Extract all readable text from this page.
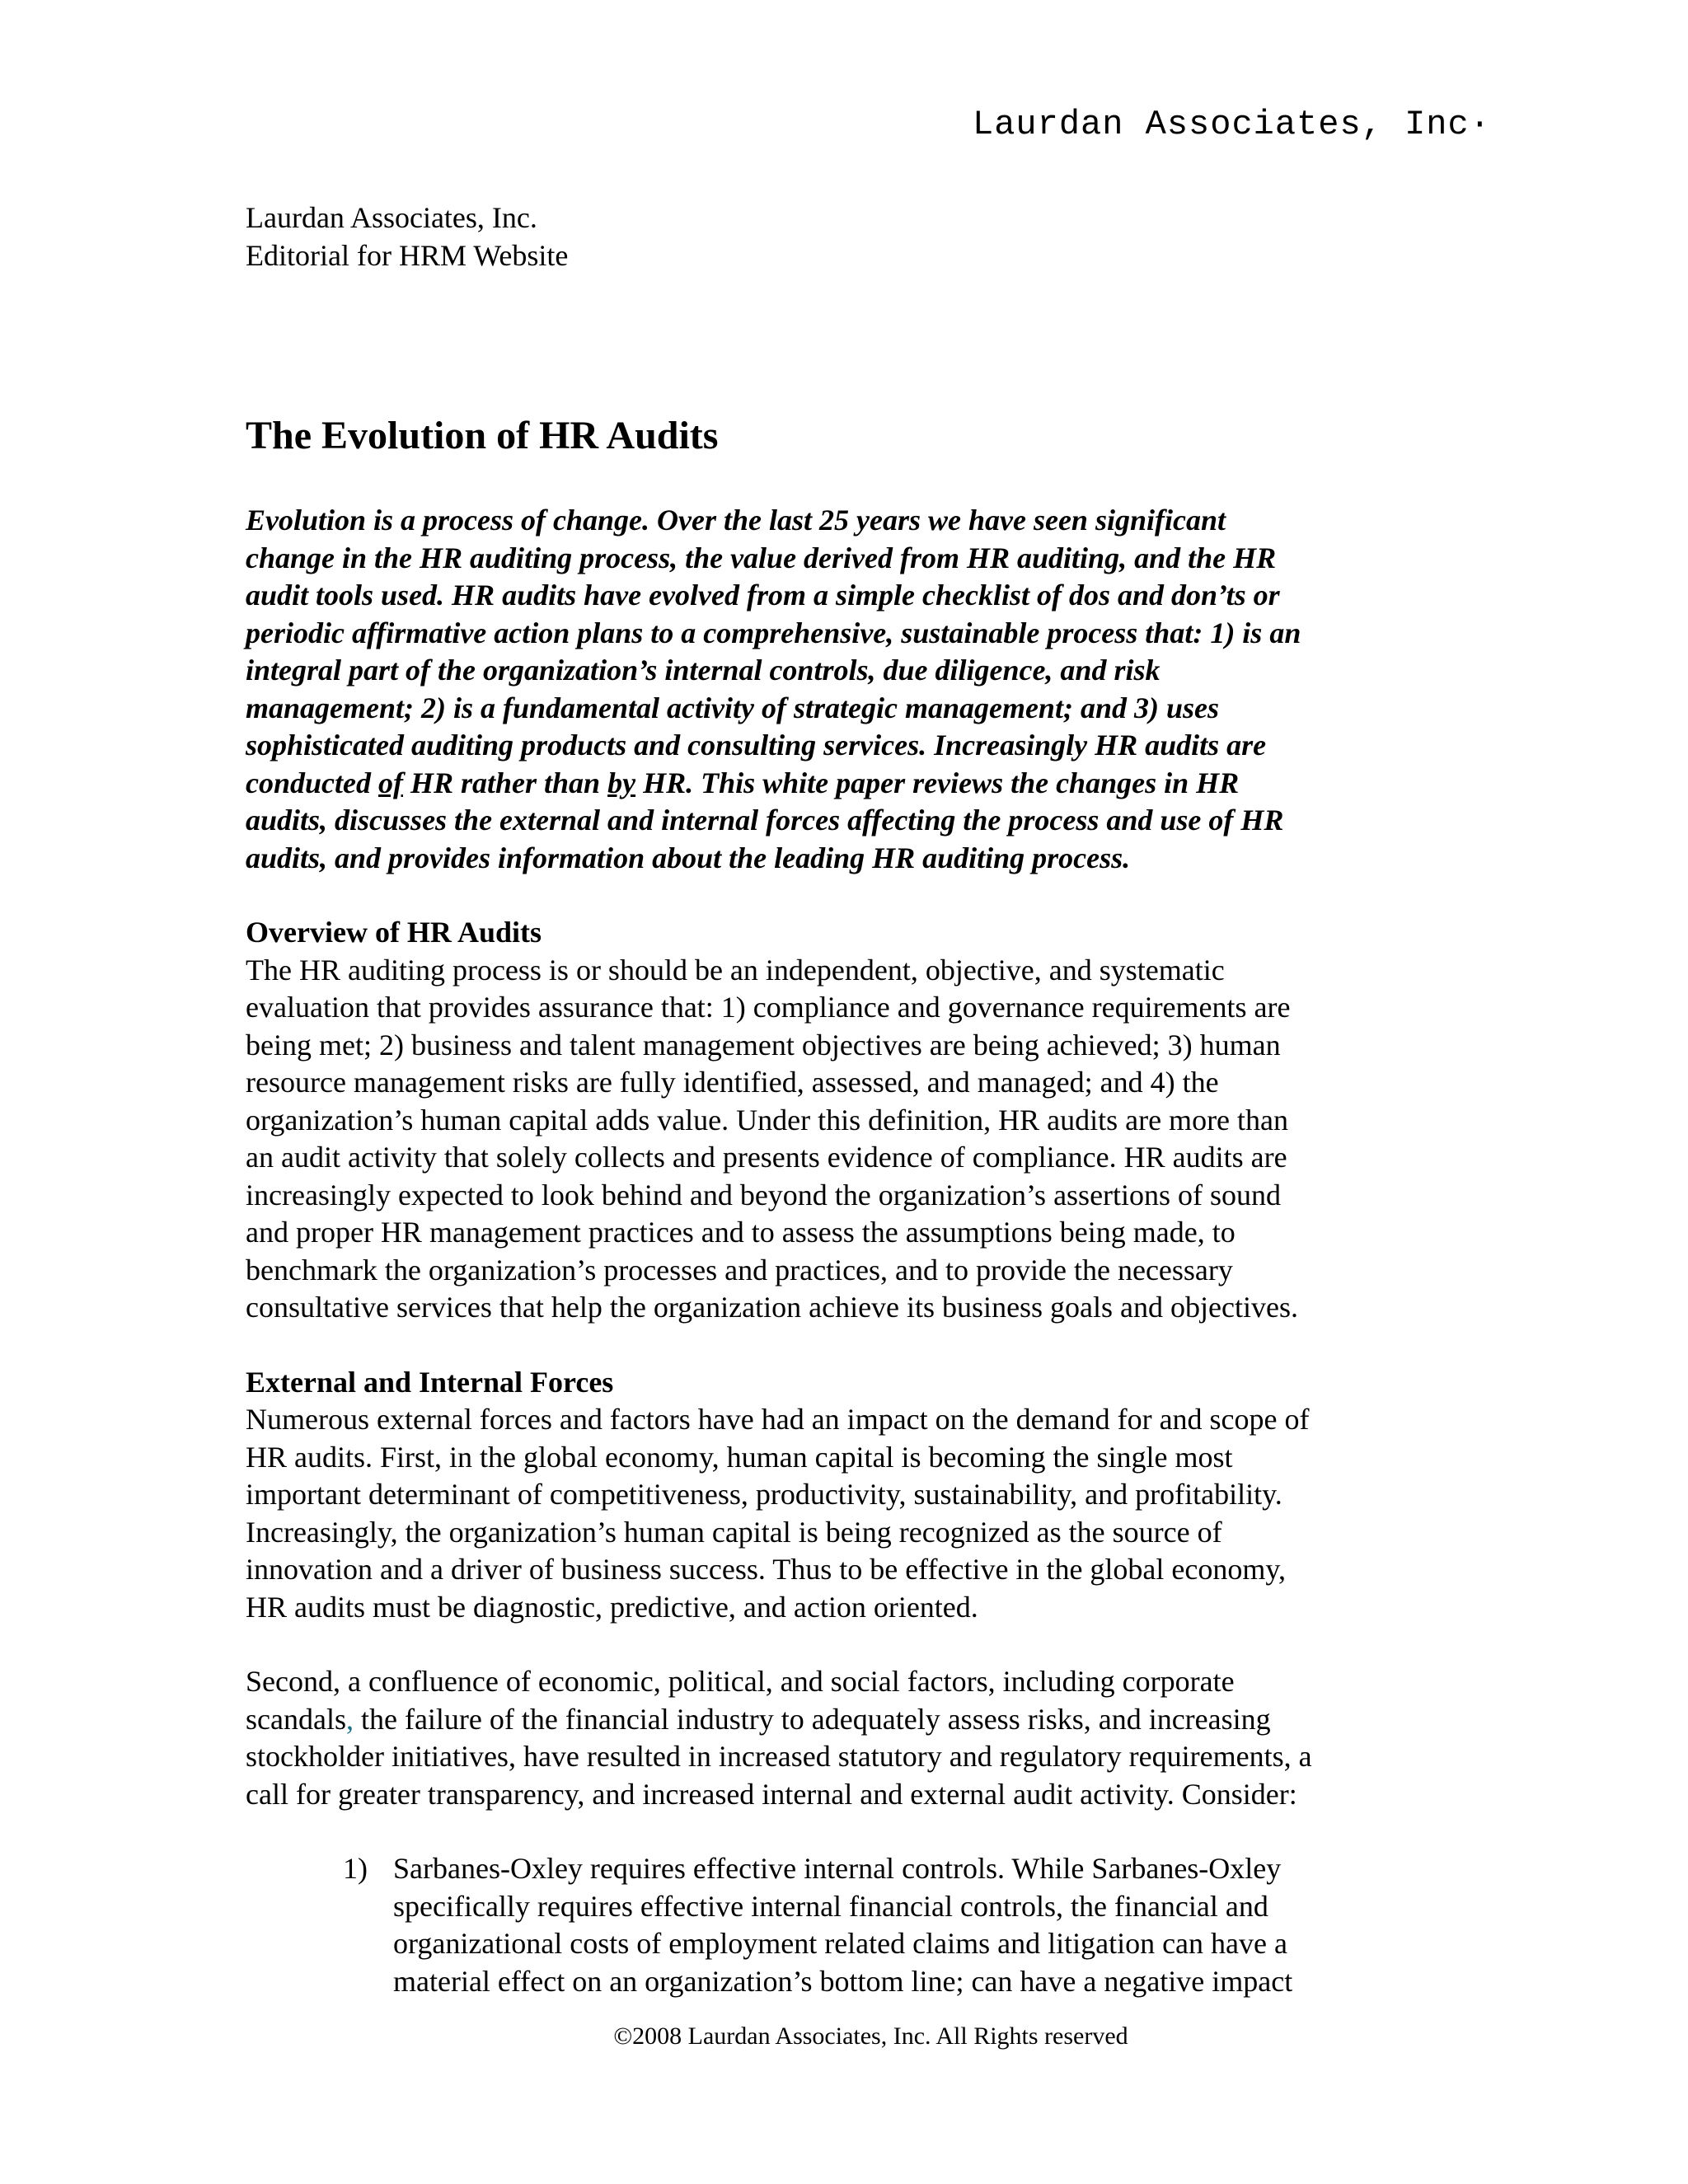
Laurdan Associates, Inc·
Laurdan Associates, Inc.
Editorial for HRM Website
The Evolution of HR Audits
Evolution is a process of change. Over the last 25 years we have seen significant
change in the HR auditing process, the value derived from HR auditing, and the HR
audit tools used. HR audits have evolved from a simple checklist of dos and don’ts or
periodic affirmative action plans to a comprehensive, sustainable process that: 1) is an
integral part of the organization’s internal controls, due diligence, and risk
management; 2) is a fundamental activity of strategic management; and 3) uses
sophisticated auditing products and consulting services. Increasingly HR audits are
conducted of HR rather than by HR. This white paper reviews the changes in HR
audits, discusses the external and internal forces affecting the process and use of HR
audits, and provides information about the leading HR auditing process.
Overview of HR Audits
The HR auditing process is or should be an independent, objective, and systematic
evaluation that provides assurance that: 1) compliance and governance requirements are
being met; 2) business and talent management objectives are being achieved; 3) human
resource management risks are fully identified, assessed, and managed; and 4) the
organization’s human capital adds value. Under this definition, HR audits are more than
an audit activity that solely collects and presents evidence of compliance. HR audits are
increasingly expected to look behind and beyond the organization’s assertions of sound
and proper HR management practices and to assess the assumptions being made, to
benchmark the organization’s processes and practices, and to provide the necessary
consultative services that help the organization achieve its business goals and objectives.
External and Internal Forces
Numerous external forces and factors have had an impact on the demand for and scope of
HR audits. First, in the global economy, human capital is becoming the single most
important determinant of competitiveness, productivity, sustainability, and profitability.
Increasingly, the organization’s human capital is being recognized as the source of
innovation and a driver of business success. Thus to be effective in the global economy,
HR audits must be diagnostic, predictive, and action oriented.
Second, a confluence of economic, political, and social factors, including corporate
scandals, the failure of the financial industry to adequately assess risks, and increasing
stockholder initiatives, have resulted in increased statutory and regulatory requirements, a
call for greater transparency, and increased internal and external audit activity. Consider:
1) Sarbanes-Oxley requires effective internal controls. While Sarbanes-Oxley
specifically requires effective internal financial controls, the financial and
organizational costs of employment related claims and litigation can have a
material effect on an organization’s bottom line; can have a negative impact
©2008 Laurdan Associates, Inc. All Rights reserved
